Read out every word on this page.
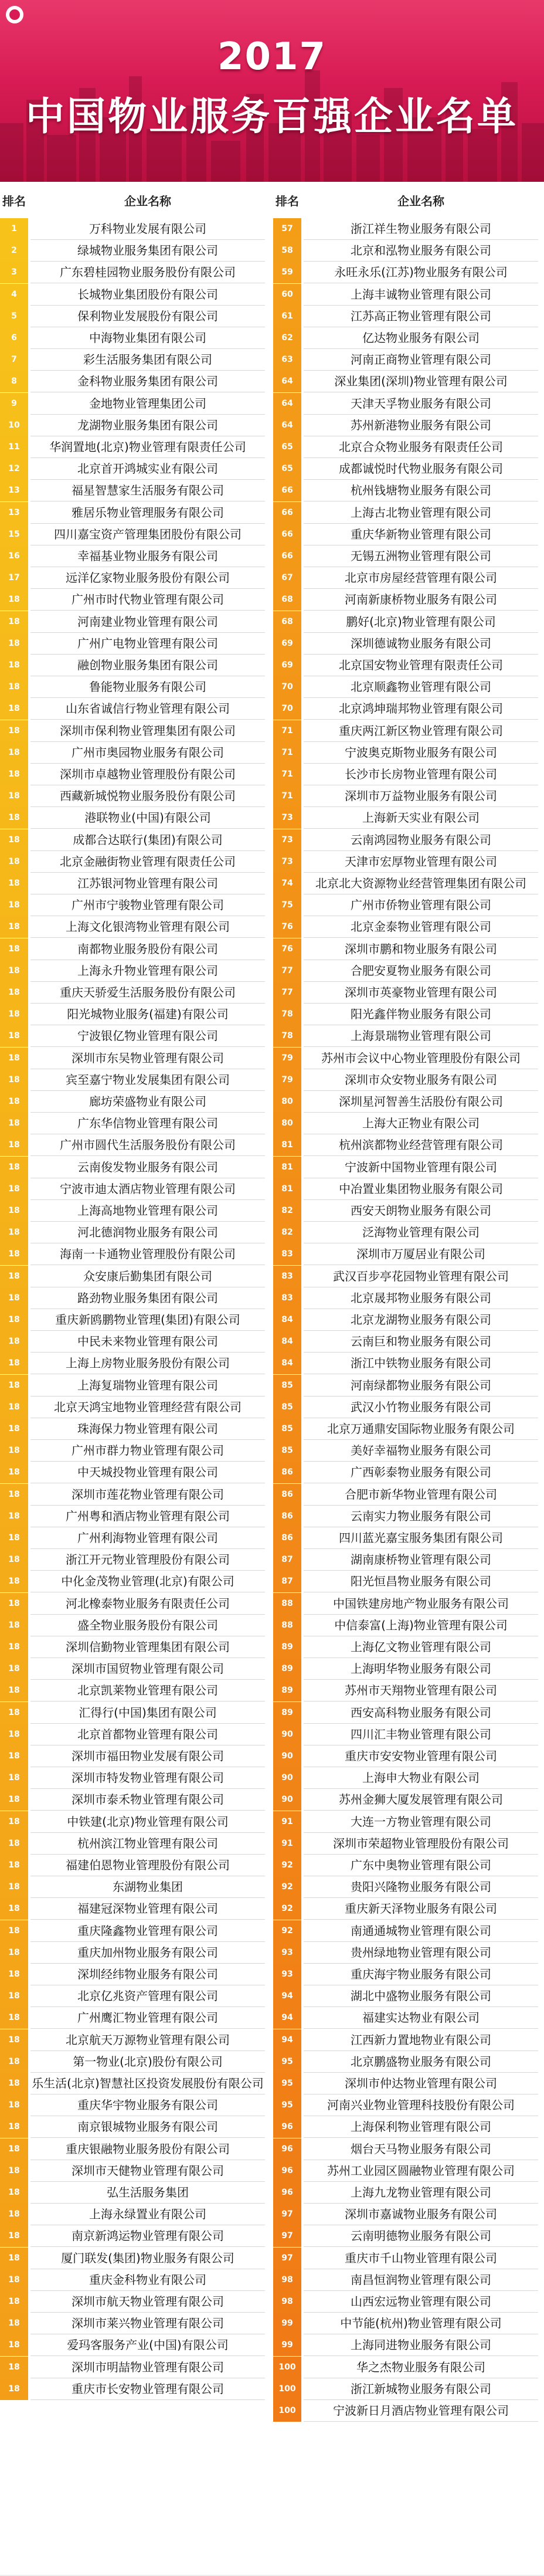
2017
中国物业服务百强企业名单
排名	企业名称	排名	企业名称
1	万科物业发展有限公司
2	绿城物业服务集团有限公司
3	广东碧桂园物业服务股份有限公司
4	长城物业集团股份有限公司
5	保利物业发展股份有限公司
6	中海物业集团有限公司
7	彩生活服务集团有限公司
8	金科物业服务集团有限公司
9	金地物业管理集团公司
10	龙湖物业服务集团有限公司
11	华润置地(北京)物业管理有限责任公司
12	北京首开鸿城实业有限公司
13	福星智慧家生活服务有限公司
13	雅居乐物业管理服务有限公司
15	四川嘉宝资产管理集团股份有限公司
16	幸福基业物业服务有限公司
17	远洋亿家物业服务股份有限公司
18	广州市时代物业管理有限公司
18	河南建业物业管理有限公司
18	广州广电物业管理有限公司
18	融创物业服务集团有限公司
18	鲁能物业服务有限公司
18	山东省诚信行物业管理有限公司
18	深圳市保利物业管理集团有限公司
18	广州市奥园物业服务有限公司
18	深圳市卓越物业管理股份有限公司
18	西藏新城悦物业服务股份有限公司
18	港联物业(中国)有限公司
18	成都合达联行(集团)有限公司
18	北京金融街物业管理有限责任公司
18	江苏银河物业管理有限公司
18	广州市宁骏物业管理有限公司
18	上海文化银湾物业管理有限公司
18	南都物业服务股份有限公司
18	上海永升物业管理有限公司
18	重庆天骄爱生活服务股份有限公司
18	阳光城物业服务(福建)有限公司
18	宁波银亿物业管理有限公司
18	深圳市东吴物业管理有限公司
18	宾至嘉宁物业发展集团有限公司
18	廊坊荣盛物业有限公司
18	广东华信物业管理有限公司
18	广州市圆代生活服务股份有限公司
18	云南俊发物业服务有限公司
18	宁波市迪太酒店物业管理有限公司
18	上海高地物业管理有限公司
18	河北德润物业服务有限公司
18	海南一卡通物业管理股份有限公司
18	众安康后勤集团有限公司
18	路劲物业服务集团有限公司
18	重庆新鸥鹏物业管理(集团)有限公司
18	中民未来物业管理有限公司
18	上海上房物业服务股份有限公司
18	上海复瑞物业管理有限公司
18	北京天鸿宝地物业管理经营有限公司
18	珠海保力物业管理有限公司
18	广州市群力物业管理有限公司
18	中天城投物业管理有限公司
18	深圳市莲花物业管理有限公司
18	广州粤和酒店物业管理有限公司
18	广州利海物业管理有限公司
18	浙江开元物业管理股份有限公司
18	中化金茂物业管理(北京)有限公司
18	河北橡泰物业服务有限责任公司
18	盛全物业服务股份有限公司
18	深圳信勤物业管理集团有限公司
18	深圳市国贸物业管理有限公司
18	北京凯莱物业管理有限公司
18	汇得行(中国)集团有限公司
18	北京首都物业管理有限公司
18	深圳市福田物业发展有限公司
18	深圳市特发物业管理有限公司
18	深圳市泰禾物业管理有限公司
18	中铁建(北京)物业管理有限公司
18	杭州滨江物业管理有限公司
18	福建伯恩物业管理股份有限公司
18	东湖物业集团
18	福建冠深物业管理有限公司
18	重庆隆鑫物业管理有限公司
18	重庆加州物业服务有限公司
18	深圳经纬物业服务有限公司
18	北京亿兆资产管理有限公司
18	广州鹰汇物业管理有限公司
18	北京航天万源物业管理有限公司
18	第一物业(北京)股份有限公司
18	乐生活(北京)智慧社区投资发展股份有限公司
18	重庆华宇物业服务有限公司
18	南京银城物业服务有限公司
18	重庆银融物业服务股份有限公司
18	深圳市天健物业管理有限公司
18	弘生活服务集团
18	上海永绿置业有限公司
18	南京新鸿运物业管理有限公司
18	厦门联发(集团)物业服务有限公司
18	重庆金科物业有限公司
18	深圳市航天物业管理有限公司
18	深圳市莱兴物业管理有限公司
18	爱玛客服务产业(中国)有限公司
18	深圳市明喆物业管理有限公司
18	重庆市长安物业管理有限公司
57	浙江祥生物业服务有限公司
58	北京和泓物业服务有限公司
59	永旺永乐(江苏)物业服务有限公司
60	上海丰诚物业管理有限公司
61	江苏高正物业管理有限公司
62	亿达物业服务有限公司
63	河南正商物业管理有限公司
64	深业集团(深圳)物业管理有限公司
64	天津天孚物业服务有限公司
64	苏州新港物业服务有限公司
65	北京合众物业服务有限责任公司
65	成都诚悦时代物业服务有限公司
66	杭州钱塘物业服务有限公司
66	上海古北物业管理有限公司
66	重庆华新物业管理有限公司
66	无锡五洲物业管理有限公司
67	北京市房屋经营管理有限公司
68	河南新康桥物业服务有限公司
68	鹏好(北京)物业管理有限公司
69	深圳德诚物业服务有限公司
69	北京国安物业管理有限责任公司
70	北京顺鑫物业管理有限公司
70	北京鸿坤瑞邦物业管理有限公司
71	重庆两江新区物业管理有限公司
71	宁波奥克斯物业服务有限公司
71	长沙市长房物业管理有限公司
71	深圳市万益物业服务有限公司
73	上海新天实业有限公司
73	云南鸿园物业服务有限公司
73	天津市宏厚物业管理有限公司
74	北京北大资源物业经营管理集团有限公司
75	广州市侨物业管理有限公司
76	北京金泰物业管理有限公司
76	深圳市鹏和物业服务有限公司
77	合肥安夏物业服务有限公司
77	深圳市英豪物业管理有限公司
78	阳光鑫伴物业服务有限公司
78	上海景瑞物业管理有限公司
79	苏州市会议中心物业管理股份有限公司
79	深圳市众安物业服务有限公司
80	深圳星河智善生活股份有限公司
80	上海大正物业有限公司
81	杭州滨都物业经营管理有限公司
81	宁波新中国物业管理有限公司
81	中冶置业集团物业服务有限公司
82	西安天朗物业服务有限公司
82	泛海物业管理有限公司
83	深圳市万厦居业有限公司
83	武汉百步亭花园物业管理有限公司
83	北京晟邦物业服务有限公司
84	北京龙湖物业服务有限公司
84	云南巨和物业服务有限公司
84	浙江中铁物业服务有限公司
85	河南绿都物业服务有限公司
85	武汉小竹物业服务有限公司
85	北京万通鼎安国际物业服务有限公司
85	美好幸福物业服务有限公司
86	广西彰泰物业服务有限公司
86	合肥市新华物业管理有限公司
86	云南实力物业服务有限公司
86	四川蓝光嘉宝服务集团有限公司
87	湖南康桥物业管理有限公司
87	阳光恒昌物业服务有限公司
88	中国铁建房地产物业服务有限公司
88	中信泰富(上海)物业管理有限公司
89	上海亿文物业管理有限公司
89	上海明华物业服务有限公司
89	苏州市天翔物业管理有限公司
89	西安高科物业服务有限公司
90	四川汇丰物业管理有限公司
90	重庆市安安物业管理有限公司
90	上海申大物业有限公司
90	苏州金狮大厦发展管理有限公司
91	大连一方物业管理有限公司
91	深圳市荣超物业管理股份有限公司
92	广东中奥物业管理有限公司
92	贵阳兴隆物业服务有限公司
92	重庆新天泽物业服务有限公司
92	南通通城物业管理有限公司
93	贵州绿地物业管理有限公司
93	重庆海宇物业服务有限公司
94	湖北中盛物业服务有限公司
94	福建实达物业有限公司
94	江西新力置地物业有限公司
95	北京鹏盛物业服务有限公司
95	深圳市仲达物业管理有限公司
95	河南兴业物业管理科技股份有限公司
96	上海保利物业管理有限公司
96	烟台天马物业服务有限公司
96	苏州工业园区圆融物业管理有限公司
96	上海九龙物业管理有限公司
97	深圳市嘉诚物业服务有限公司
97	云南明德物业服务有限公司
97	重庆市千山物业管理有限公司
98	南昌恒润物业管理有限公司
98	山西宏远物业管理有限公司
99	中节能(杭州)物业管理有限公司
99	上海同进物业服务有限公司
100	华之杰物业服务有限公司
100	浙江新城物业服务有限公司
100	宁波新日月酒店物业管理有限公司
